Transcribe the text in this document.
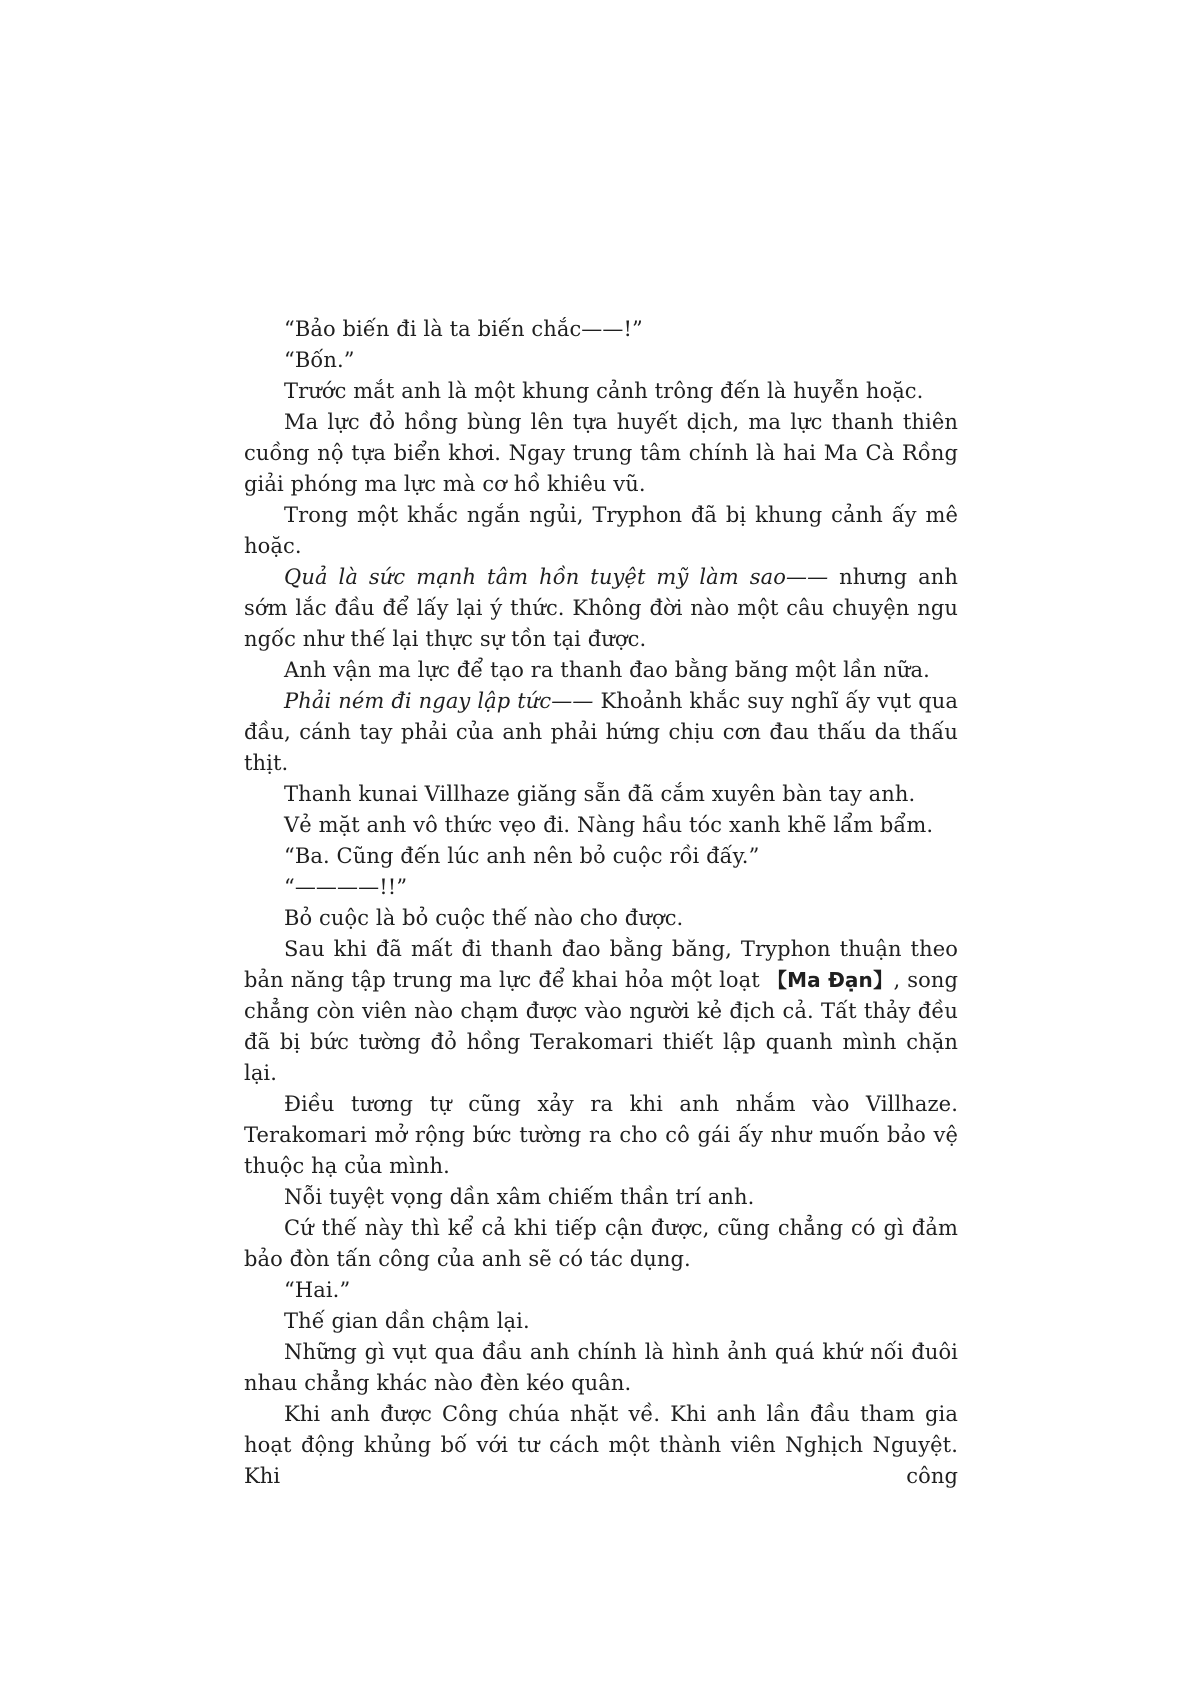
“Bảo biến đi là ta biến chắc——!”

“Bốn.”

Trước mắt anh là một khung cảnh trông đến là huyễn hoặc.

Ma lực đỏ hồng bùng lên tựa huyết dịch, ma lực thanh thiên cuồng nộ tựa biển khơi. Ngay trung tâm chính là hai Ma Cà Rồng giải phóng ma lực mà cơ hồ khiêu vũ.

Trong một khắc ngắn ngủi, Tryphon đã bị khung cảnh ấy mê hoặc.

Quả là sức mạnh tâm hồn tuyệt mỹ làm sao—— nhưng anh sớm lắc đầu để lấy lại ý thức. Không đời nào một câu chuyện ngu ngốc như thế lại thực sự tồn tại được.

Anh vận ma lực để tạo ra thanh đao bằng băng một lần nữa.

Phải ném đi ngay lập tức—— Khoảnh khắc suy nghĩ ấy vụt qua đầu, cánh tay phải của anh phải hứng chịu cơn đau thấu da thấu thịt.

Thanh kunai Villhaze giăng sẵn đã cắm xuyên bàn tay anh.

Vẻ mặt anh vô thức vẹo đi. Nàng hầu tóc xanh khẽ lẩm bẩm.

“Ba. Cũng đến lúc anh nên bỏ cuộc rồi đấy.”

“————!!”

Bỏ cuộc là bỏ cuộc thế nào cho được.

Sau khi đã mất đi thanh đao bằng băng, Tryphon thuận theo bản năng tập trung ma lực để khai hỏa một loạt 【Ma Đạn】, song chẳng còn viên nào chạm được vào người kẻ địch cả. Tất thảy đều đã bị bức tường đỏ hồng Terakomari thiết lập quanh mình chặn lại.

Điều tương tự cũng xảy ra khi anh nhắm vào Villhaze. Terakomari mở rộng bức tường ra cho cô gái ấy như muốn bảo vệ thuộc hạ của mình.

Nỗi tuyệt vọng dần xâm chiếm thần trí anh.

Cứ thế này thì kể cả khi tiếp cận được, cũng chẳng có gì đảm bảo đòn tấn công của anh sẽ có tác dụng.

“Hai.”

Thế gian dần chậm lại.

Những gì vụt qua đầu anh chính là hình ảnh quá khứ nối đuôi nhau chẳng khác nào đèn kéo quân.

Khi anh được Công chúa nhặt về. Khi anh lần đầu tham gia hoạt động khủng bố với tư cách một thành viên Nghịch Nguyệt. Khi công
